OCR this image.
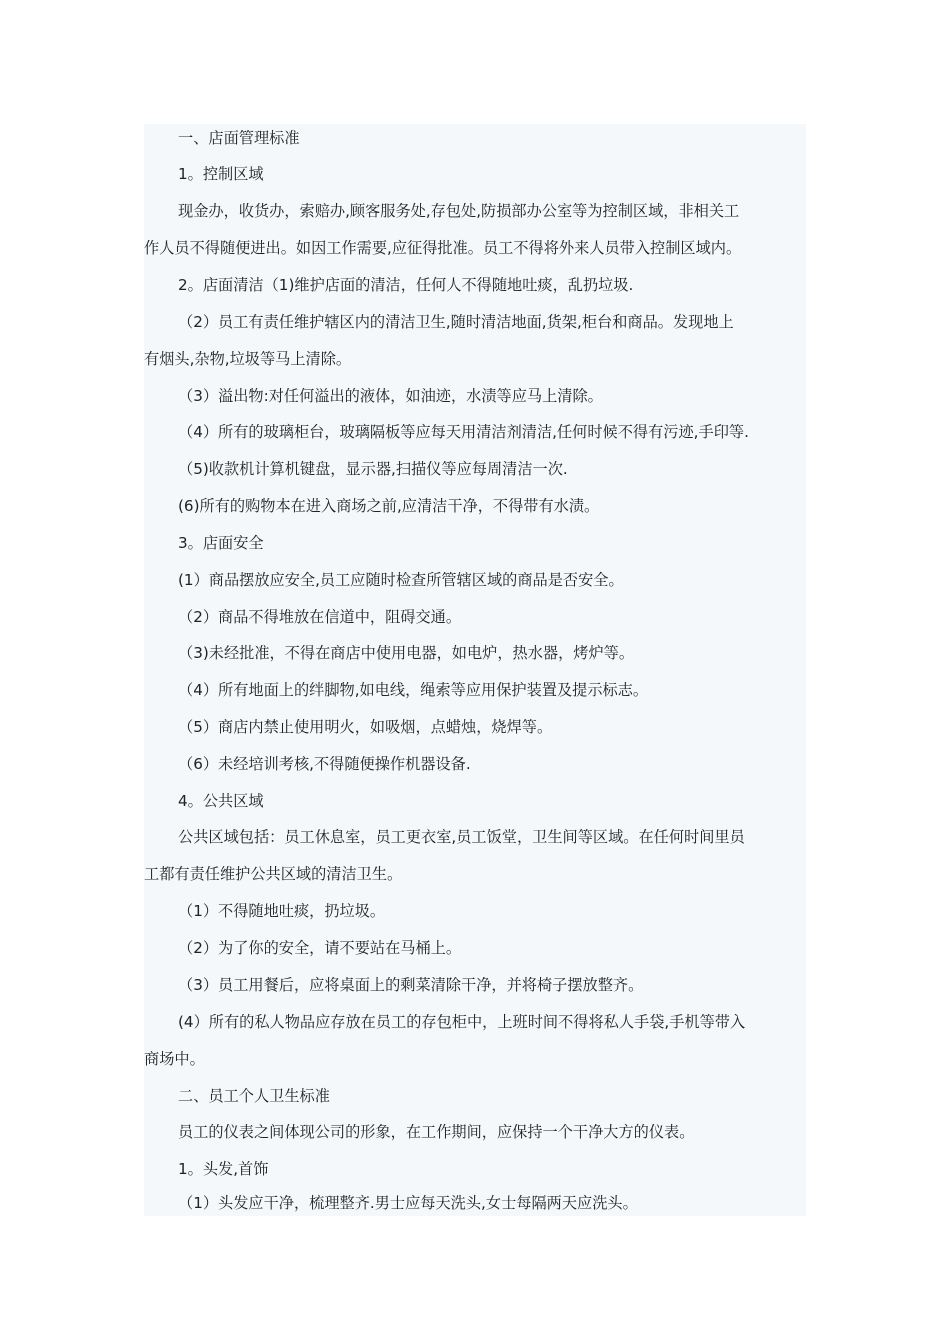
一、店面管理标准
1。控制区域
现金办，收货办，索赔办,顾客服务处,存包处,防损部办公室等为控制区域，非相关工
作人员不得随便进出。如因工作需要,应征得批准。员工不得将外来人员带入控制区域内。
2。店面清洁（1)维护店面的清洁，任何人不得随地吐痰，乱扔垃圾.
（2）员工有责任维护辖区内的清洁卫生,随时清洁地面,货架,柜台和商品。发现地上
有烟头,杂物,垃圾等马上清除。
（3）溢出物:对任何溢出的液体，如油迹，水渍等应马上清除。
（4）所有的玻璃柜台，玻璃隔板等应每天用清洁剂清洁,任何时候不得有污迹,手印等.
（5)收款机计算机键盘，显示器,扫描仪等应每周清洁一次.
(6)所有的购物本在进入商场之前,应清洁干净，不得带有水渍。
3。店面安全
(1）商品摆放应安全,员工应随时检查所管辖区域的商品是否安全。
（2）商品不得堆放在信道中，阻碍交通。
（3)未经批准，不得在商店中使用电器，如电炉，热水器，烤炉等。
（4）所有地面上的绊脚物,如电线，绳索等应用保护装置及提示标志。
（5）商店内禁止使用明火，如吸烟，点蜡烛，烧焊等。
（6）未经培训考核,不得随便操作机器设备.
4。公共区域
公共区域包括：员工休息室，员工更衣室,员工饭堂，卫生间等区域。在任何时间里员
工都有责任维护公共区域的清洁卫生。
（1）不得随地吐痰，扔垃圾。
（2）为了你的安全，请不要站在马桶上。
（3）员工用餐后，应将桌面上的剩菜清除干净，并将椅子摆放整齐。
(4）所有的私人物品应存放在员工的存包柜中，上班时间不得将私人手袋,手机等带入
商场中。
二、员工个人卫生标准
员工的仪表之间体现公司的形象，在工作期间，应保持一个干净大方的仪表。
1。头发,首饰
（1）头发应干净，梳理整齐.男士应每天洗头,女士每隔两天应洗头。
